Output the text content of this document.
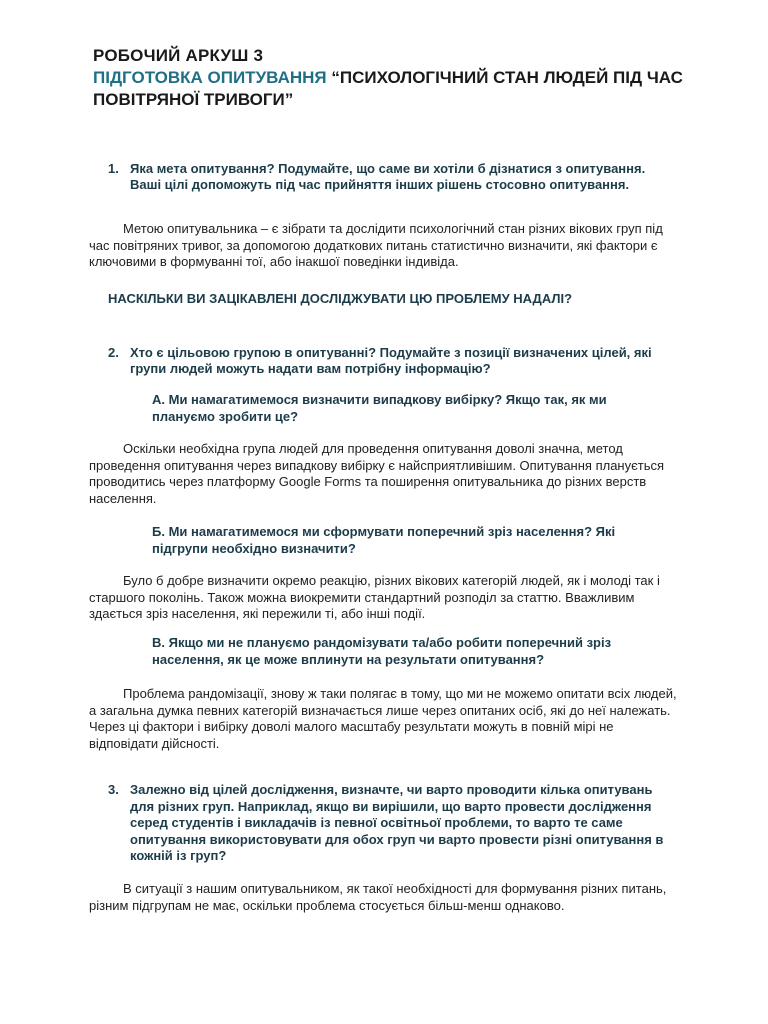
РОБОЧИЙ АРКУШ 3
ПІДГОТОВКА ОПИТУВАННЯ “ПСИХОЛОГІЧНИЙ СТАН ЛЮДЕЙ ПІД ЧАС ПОВІТРЯНОЇ ТРИВОГИ”
1. Яка мета опитування? Подумайте, що саме ви хотіли б дізнатися з опитування. Ваші цілі допоможуть під час прийняття інших рішень стосовно опитування.
Метою опитувальника – є зібрати та дослідити психологічний стан різних вікових груп під час повітряних тривог, за допомогою додаткових питань статистично визначити, які фактори є ключовими в формуванні тої, або інакшої поведінки індивіда.
НАСКІЛЬКИ ВИ ЗАЦІКАВЛЕНІ ДОСЛІДЖУВАТИ ЦЮ ПРОБЛЕМУ НАДАЛІ?
2. Хто є цільовою групою в опитуванні? Подумайте з позиції визначених цілей, які групи людей можуть надати вам потрібну інформацію?
А. Ми намагатимемося визначити випадкову вибірку? Якщо так, як ми плануємо зробити це?
Оскільки необхідна група людей для проведення опитування доволі значна, метод проведення опитування через випадкову вибірку є найсприятливішим. Опитування планується проводитись через платформу Google Forms та поширення опитувальника до різних верств населення.
Б. Ми намагатимемося ми сформувати поперечний зріз населення? Які підгрупи необхідно визначити?
Було б добре визначити окремо реакцію, різних вікових категорій людей, як і молоді так і старшого поколінь. Також можна виокремити стандартний розподіл за статтю. Вважливим здається зріз населення, які пережили ті, або інші події.
В. Якщо ми не плануємо рандомізувати та/або робити поперечний зріз населення, як це може вплинути на результати опитування?
Проблема рандомізації, знову ж таки полягає в тому, що ми не можемо опитати всіх людей, а загальна думка певних категорій визначається лише через опитаних осіб, які до неї належать. Через ці фактори і вибірку доволі малого масштабу результати можуть в повній мірі не відповідати дійсності.
3. Залежно від цілей дослідження, визначте, чи варто проводити кілька опитувань для різних груп. Наприклад, якщо ви вирішили, що варто провести дослідження серед студентів і викладачів із певної освітньої проблеми, то варто те саме опитування використовувати для обох груп чи варто провести різні опитування в кожній із груп?
В ситуації з нашим опитувальником, як такої необхідності для формування різних питань, різним підгрупам не має, оскільки проблема стосується більш-менш однаково.
